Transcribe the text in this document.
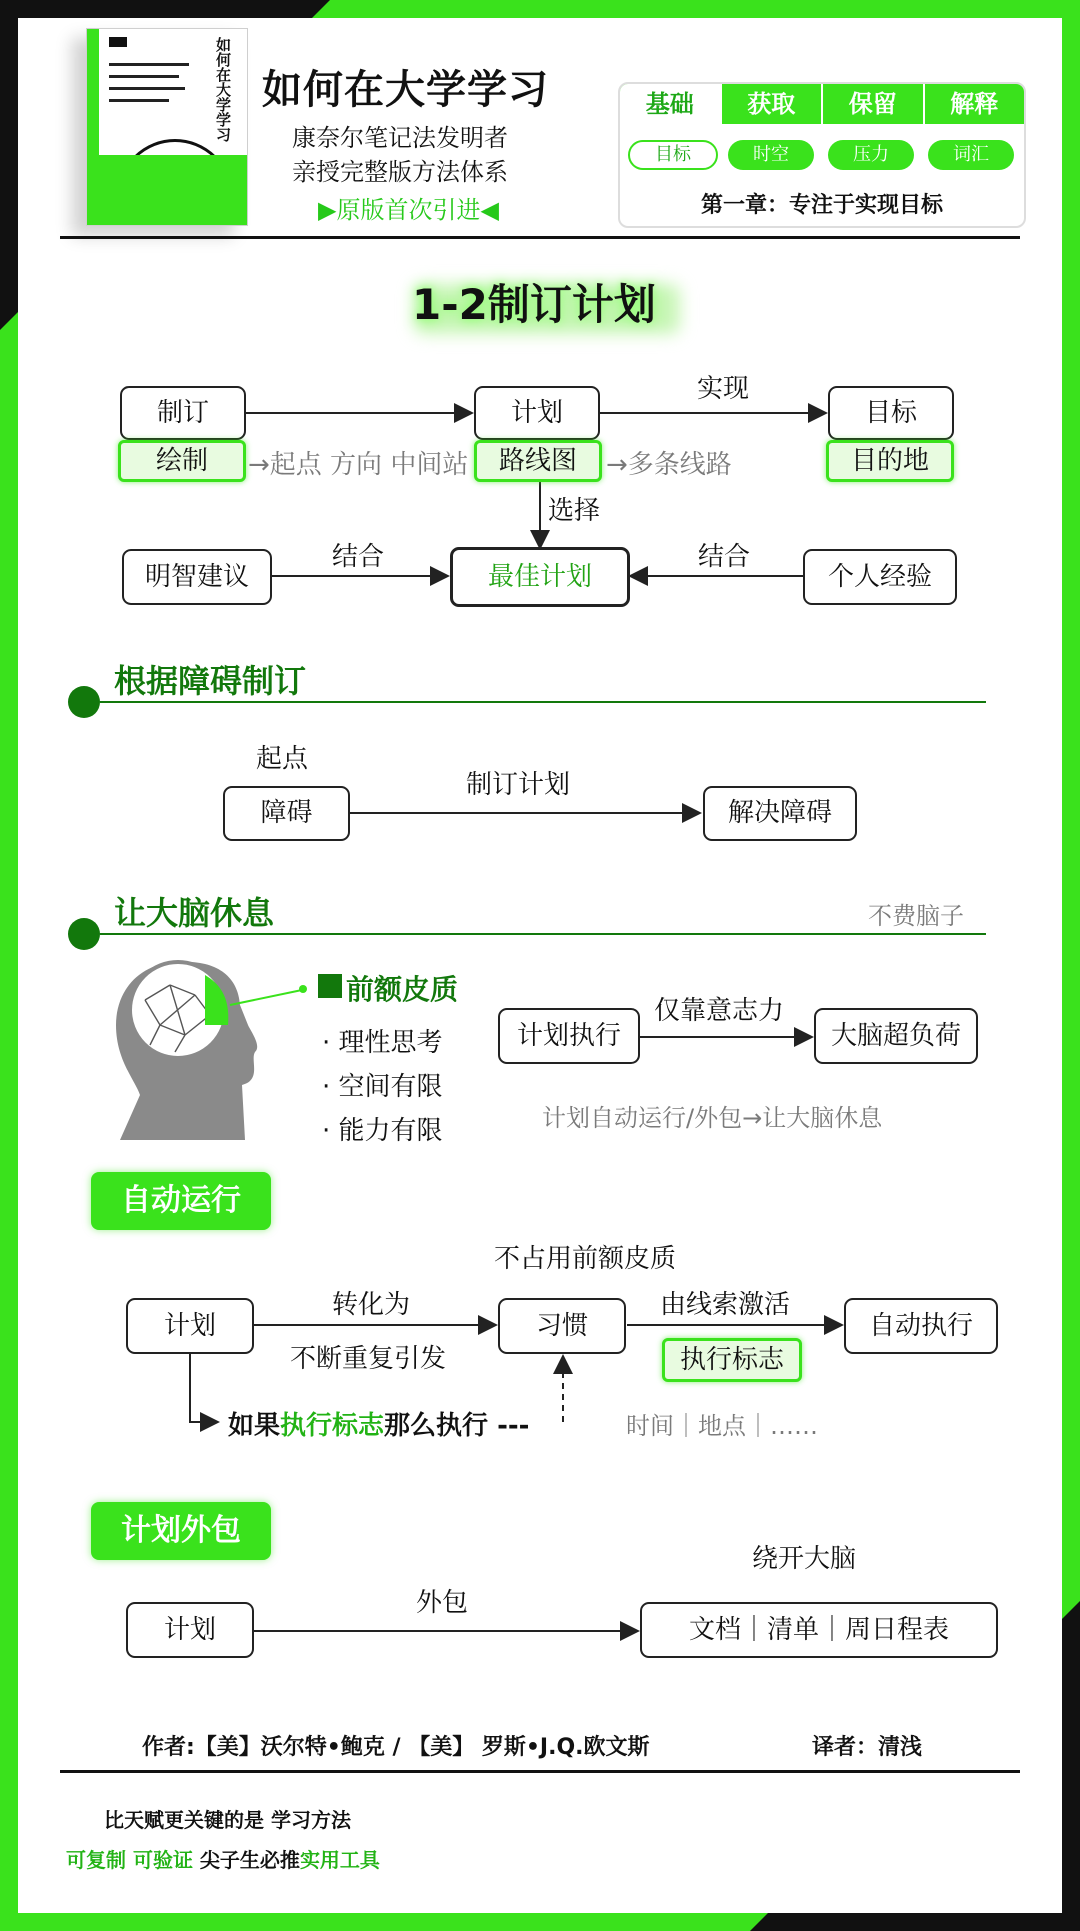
如何在大学学习 如何在大学学习
康奈尔笔记法发明者
亲授完整版方法体系
▶原版首次引进◀
基础	获取	保留	解释
目标	时空	压力	词汇
第一章：专注于实现目标
1-2制订计划
制订	计划	目标
实现
绘制	→起点 方向 中间站	路线图	→多条线路	目的地
选择
明智建议
结合
最佳计划
结合
个人经验
根据障碍制订
起点
障碍
制订计划
解决障碍
让大脑休息	不费脑子
前额皮质
· 理性思考
· 空间有限
· 能力有限
计划执行
仅靠意志力
大脑超负荷
计划自动运行/外包→让大脑休息
自动运行
不占用前额皮质
计划
转化为
不断重复引发
习惯
由线索激活
执行标志
自动执行
如果执行标志那么执行 ---	时间｜地点｜……
计划外包
绕开大脑
计划
外包
文档｜清单｜周日程表
作者:【美】沃尔特•鲍克 / 【美】 罗斯•J.Q.欧文斯	译者：清浅
比天赋更关键的是 学习方法
可复制 可验证 尖子生必推实用工具
